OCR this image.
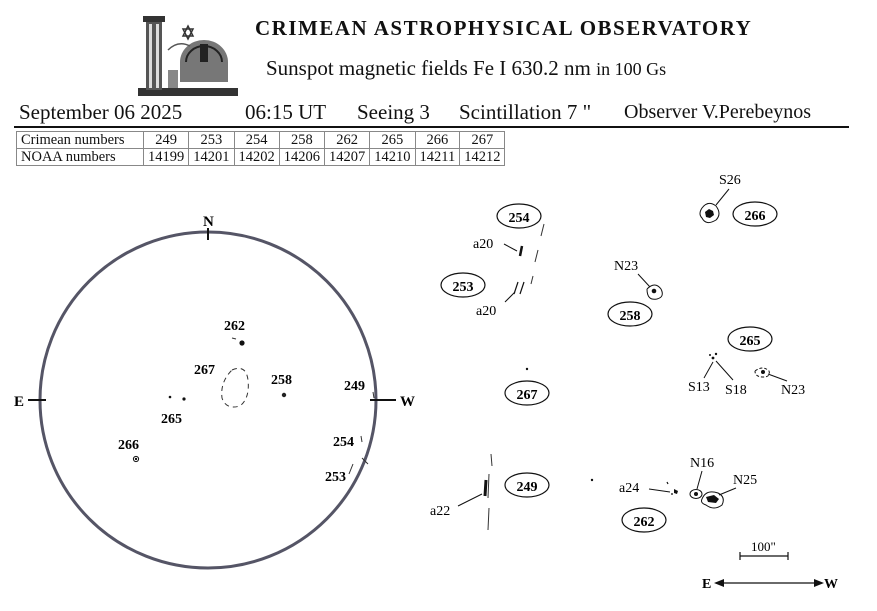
CRIMEAN ASTROPHYSICAL OBSERVATORY
Sunspot magnetic fields Fe I 630.2 nm in 100 Gs
September 06 2025	06:15 UT Seeing 3 Scintillation 7 " Observer V.Perebeynos
Crimean numbers	249	253	254	258	262	265	266	267
NOAA numbers	14199	14201	14202	14206	14207	14210	14211	14212
N
E	W
262
267
258	249
265
266	254
253
254
253
a20
a20
N23
258
S26
266
265
S13 S18 N23
267
a22
249	a24
N16
N25
262
100"
E	W
